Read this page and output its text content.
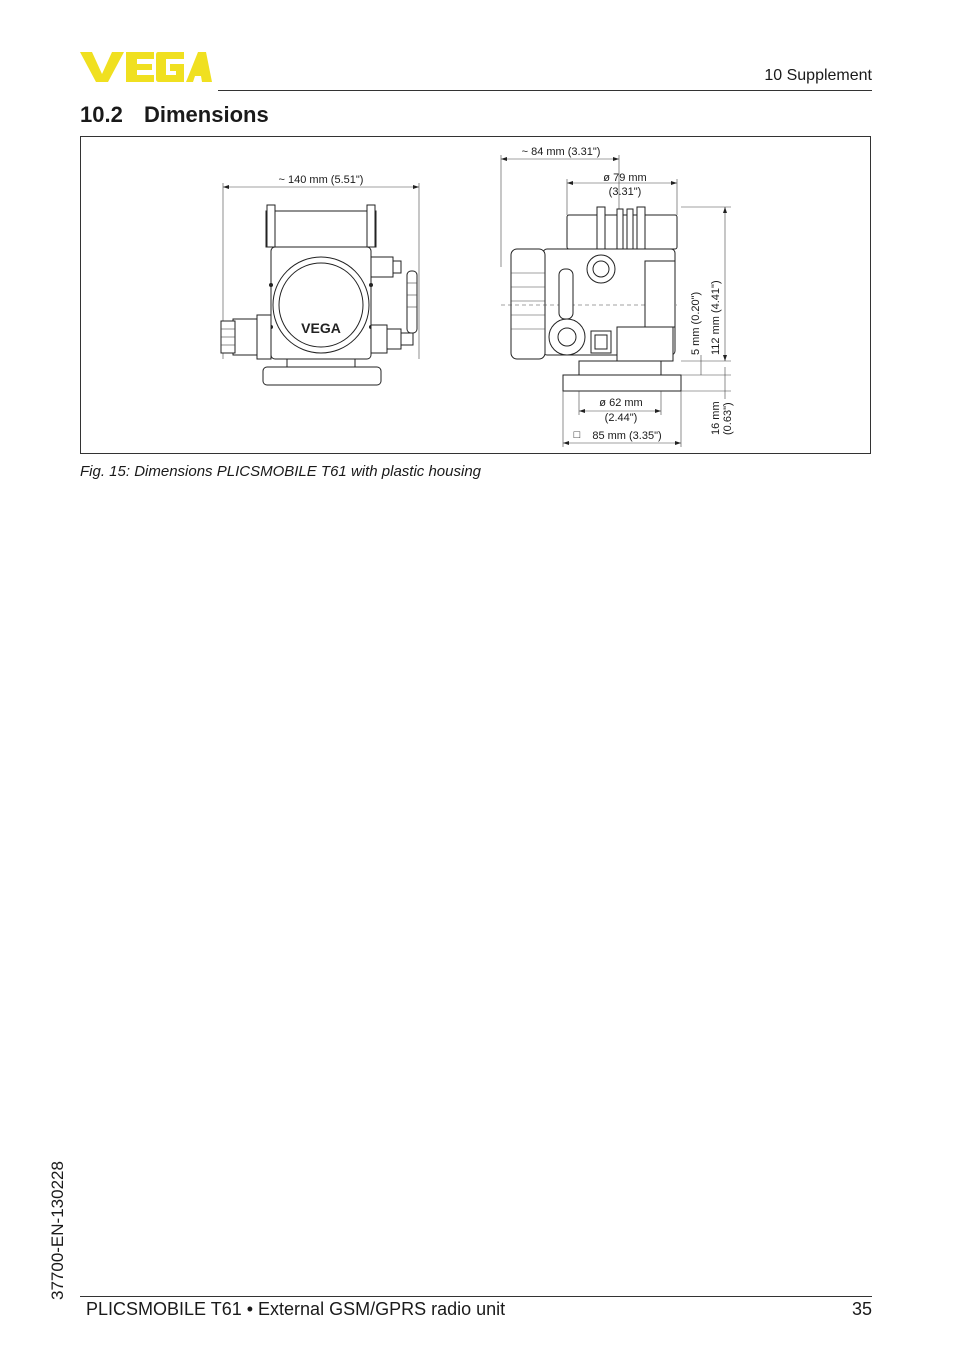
VEGA	10 Supplement
10.2 Dimensions
~ 140 mm (5.51")
VEGA
~ 84 mm (3.31")
ø 79 mm
(3.31")
ø 62 mm
(2.44")
□ 85 mm (3.35")
112 mm (4.41")
5 mm (0.20")
16 mm (0.63")
Fig. 15: Dimensions PLICSMOBILE T61 with plastic housing
37700-EN-130228
PLICSMOBILE T61 • External GSM/GPRS radio unit	35
